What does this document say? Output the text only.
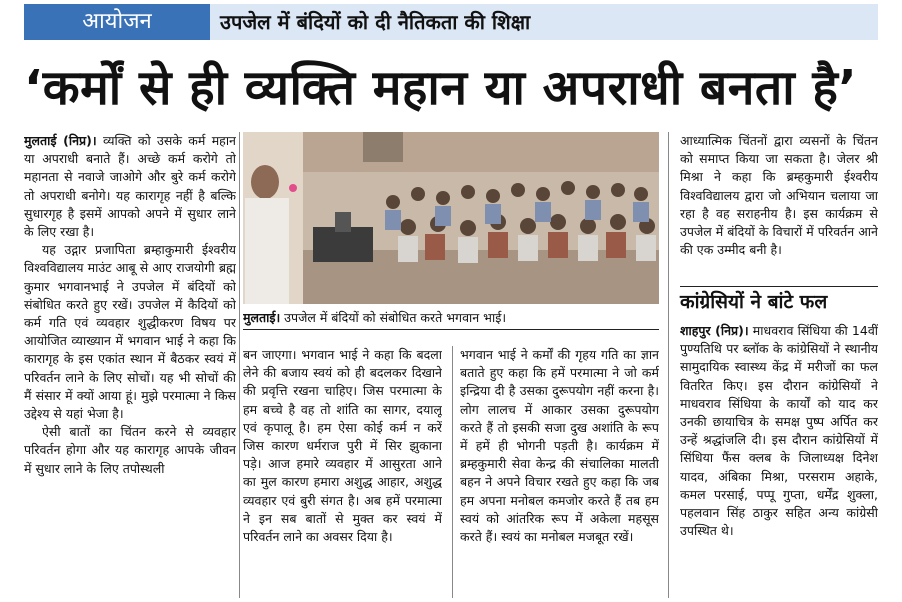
आयोजन	उपजेल में बंदियों को दी नैतिकता की शिक्षा
‘कर्मों से ही व्यक्ति महान या अपराधी बनता है’

मुलताई (निप्र)। व्यक्ति को उसके कर्म महान या अपराधी बनाते हैं। अच्छे कर्म करोगे तो महानता से नवाजे जाओगे और बुरे कर्म करोगे तो अपराधी बनोगे। यह कारागृह नहीं है बल्कि सुधारगृह है इसमें आपको अपने में सुधार लाने के लिए रखा है।

यह उद्गार प्रजापिता ब्रम्हाकुमारी ईश्वरीय विश्वविद्यालय माउंट आबू से आए राजयोगी ब्रह्म कुमार भगवानभाई ने उपजेल में बंदियों को संबोधित करते हुए रखें। उपजेल में कैदियों को कर्म गति एवं व्यवहार शुद्धीकरण विषय पर आयोजित व्याख्यान में भगवान भाई ने कहा कि कारागृह के इस एकांत स्थान में बैठकर स्वयं में परिवर्तन लाने के लिए सोचों। यह भी सोचों की मैं संसार में क्यों आया हूं। मुझे परमात्मा ने किस उद्देश्य से यहां भेजा है।

ऐसी बातों का चिंतन करने से व्यवहार परिवर्तन होगा और यह कारागृह आपके जीवन में सुधार लाने के लिए तपोस्थली

मुलताई। उपजेल में बंदियों को संबोधित करते भगवान भाई।

बन जाएगा। भगवान भाई ने कहा कि बदला लेने की बजाय स्वयं को ही बदलकर दिखाने की प्रवृत्ति रखना चाहिए। जिस परमात्मा के हम बच्चे है वह तो शांति का सागर, दयालू एवं कृपालू है। हम ऐसा कोई कर्म न करें जिस कारण धर्मराज पुरी में सिर झुकाना पड़े। आज हमारे व्यवहार में आसुरता आने का मुल कारण हमारा अशुद्ध आहार, अशुद्ध व्यवहार एवं बुरी संगत है। अब हमें परमात्मा ने इन सब बातों से मुक्त कर स्वयं में परिवर्तन लाने का अवसर दिया है।

भगवान भाई ने कर्मों की गृहय गति का ज्ञान बताते हुए कहा कि हमें परमात्मा ने जो कर्म इन्द्रिया दी है उसका दुरूपयोग नहीं करना है। लोग लालच में आकार उसका दुरूपयोग करते हैं तो इसकी सजा दुख अशांति के रूप में हमें ही भोगनी पड़ती है। कार्यक्रम में ब्रम्हकुमारी सेवा केन्द्र की संचालिका मालती बहन ने अपने विचार रखते हुए कहा कि जब हम अपना मनोबल कमजोर करते हैं तब हम स्वयं को आंतरिक रूप में अकेला महसूस करते हैं। स्वयं का मनोबल मजबूत रखें।

आध्यात्मिक चिंतनों द्वारा व्यसनों के चिंतन को समाप्त किया जा सकता है। जेलर श्री मिश्रा ने कहा कि ब्रम्हकुमारी ईश्वरीय विश्वविद्यालय द्वारा जो अभियान चलाया जा रहा है वह सराहनीय है। इस कार्यक्रम से उपजेल में बंदियों के विचारों में परिवर्तन आने की एक उम्मीद बनी है।

कांग्रेसियों ने बांटे फल

शाहपुर (निप्र)। माधवराव सिंधिया की 14वीं पुण्यतिथि पर ब्लॉक के कांग्रेसियों ने स्थानीय सामुदायिक स्वास्थ्य केंद्र में मरीजों का फल वितरित किए। इस दौरान कांग्रेसियों ने माधवराव सिंधिया के कार्यों को याद कर उनकी छायाचित्र के समक्ष पुष्प अर्पित कर उन्हें श्रद्धांजलि दी। इस दौरान कांग्रेसियों में सिंधिया फैंस क्लब के जिलाध्यक्ष दिनेश यादव, अंबिका मिश्रा, परसराम अहाके, कमल परसाई, पप्पू गुप्ता, धर्मेंद्र शुक्ला, पहलवान सिंह ठाकुर सहित अन्य कांग्रेसी उपस्थित थे।
